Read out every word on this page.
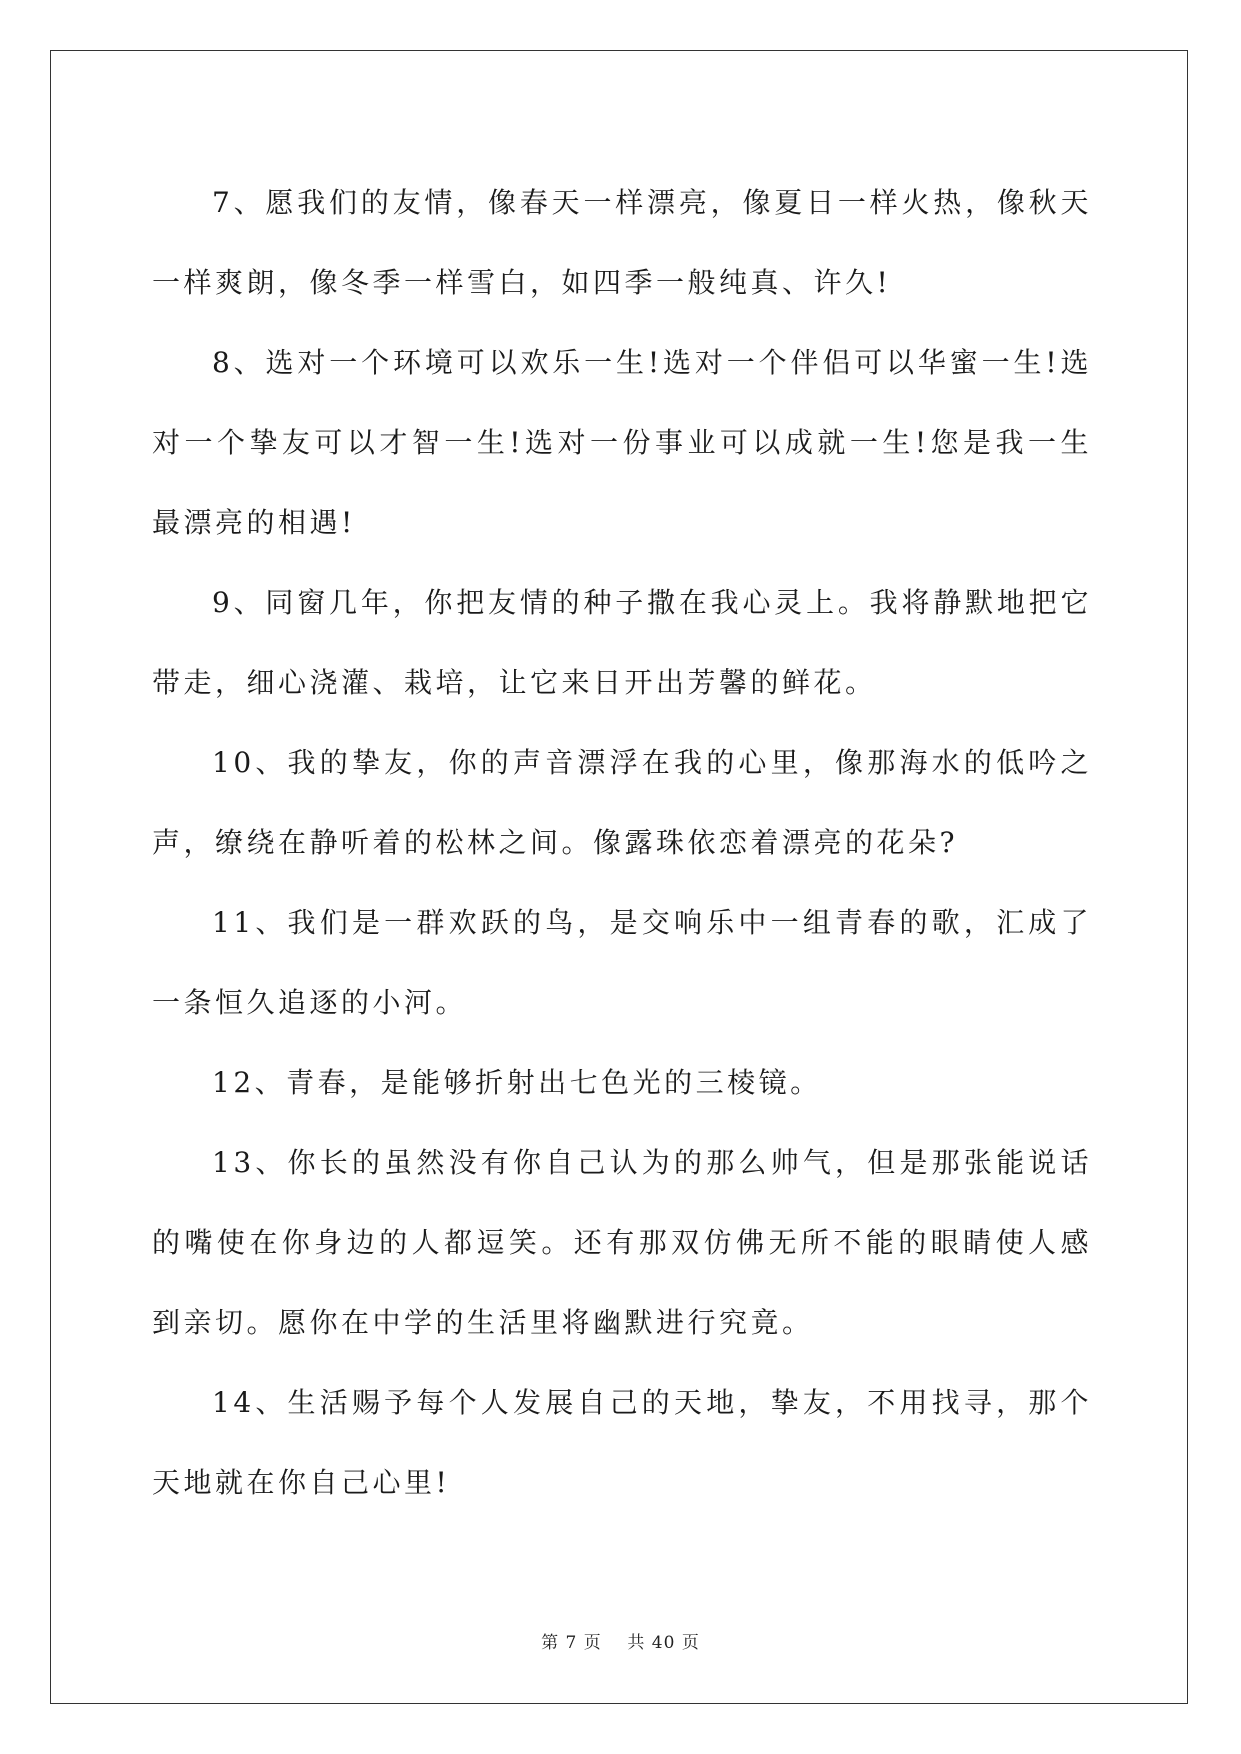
7、愿我们的友情，像春天一样漂亮，像夏日一样火热，像秋天一样爽朗，像冬季一样雪白，如四季一般纯真、许久!

8、选对一个环境可以欢乐一生!选对一个伴侣可以华蜜一生!选对一个挚友可以才智一生!选对一份事业可以成就一生!您是我一生最漂亮的相遇!

9、同窗几年，你把友情的种子撒在我心灵上。我将静默地把它带走，细心浇灌、栽培，让它来日开出芳馨的鲜花。

10、我的挚友，你的声音漂浮在我的心里，像那海水的低吟之声，缭绕在静听着的松林之间。像露珠依恋着漂亮的花朵?

11、我们是一群欢跃的鸟，是交响乐中一组青春的歌，汇成了一条恒久追逐的小河。

12、青春，是能够折射出七色光的三棱镜。

13、你长的虽然没有你自己认为的那么帅气，但是那张能说话的嘴使在你身边的人都逗笑。还有那双仿佛无所不能的眼睛使人感到亲切。愿你在中学的生活里将幽默进行究竟。

14、生活赐予每个人发展自己的天地，挚友，不用找寻，那个天地就在你自己心里!

第 7 页 共 40 页
